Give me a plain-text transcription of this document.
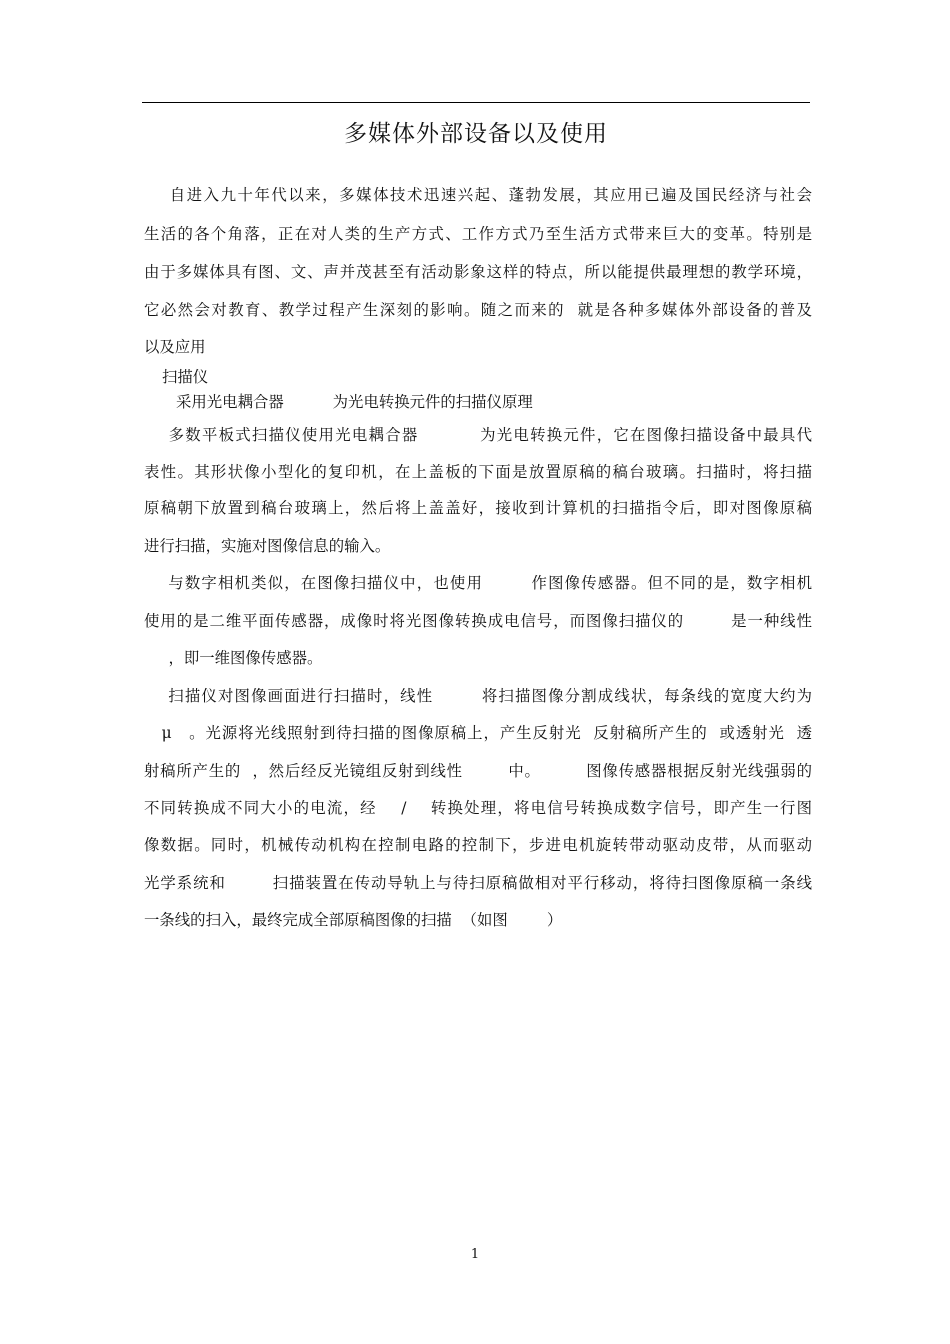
多媒体外部设备以及使用
自进入九十年代以来，多媒体技术迅速兴起、蓬勃发展，其应用已遍及国民经济与社会
生活的各个角落，正在对人类的生产方式、工作方式乃至生活方式带来巨大的变革。特别是
由于多媒体具有图、文、声并茂甚至有活动影象这样的特点，所以能提供最理想的教学环境，
它必然会对教育、教学过程产生深刻的影响。随之而来的  就是各种多媒体外部设备的普及
以及应用
扫描仪
采用光电耦合器          为光电转换元件的扫描仪原理
多数平板式扫描仪使用光电耦合器          为光电转换元件，它在图像扫描设备中最具代
表性。其形状像小型化的复印机，在上盖板的下面是放置原稿的稿台玻璃。扫描时，将扫描
原稿朝下放置到稿台玻璃上，然后将上盖盖好，接收到计算机的扫描指令后，即对图像原稿
进行扫描，实施对图像信息的输入。
与数字相机类似，在图像扫描仪中，也使用        作图像传感器。但不同的是，数字相机
使用的是二维平面传感器，成像时将光图像转换成电信号，而图像扫描仪的        是一种线性
，即一维图像传感器。
扫描仪对图像画面进行扫描时，线性        将扫描图像分割成线状，每条线的宽度大约为
μ   。光源将光线照射到待扫描的图像原稿上，产生反射光  反射稿所产生的  或透射光  透
射稿所产生的  ，然后经反光镜组反射到线性        中。        图像传感器根据反射光线强弱的
不同转换成不同大小的电流，经    /    转换处理，将电信号转换成数字信号，即产生一行图
像数据。同时，机械传动机构在控制电路的控制下，步进电机旋转带动驱动皮带，从而驱动
光学系统和        扫描装置在传动导轨上与待扫原稿做相对平行移动，将待扫图像原稿一条线
一条线的扫入，最终完成全部原稿图像的扫描  （如图        ）
1
